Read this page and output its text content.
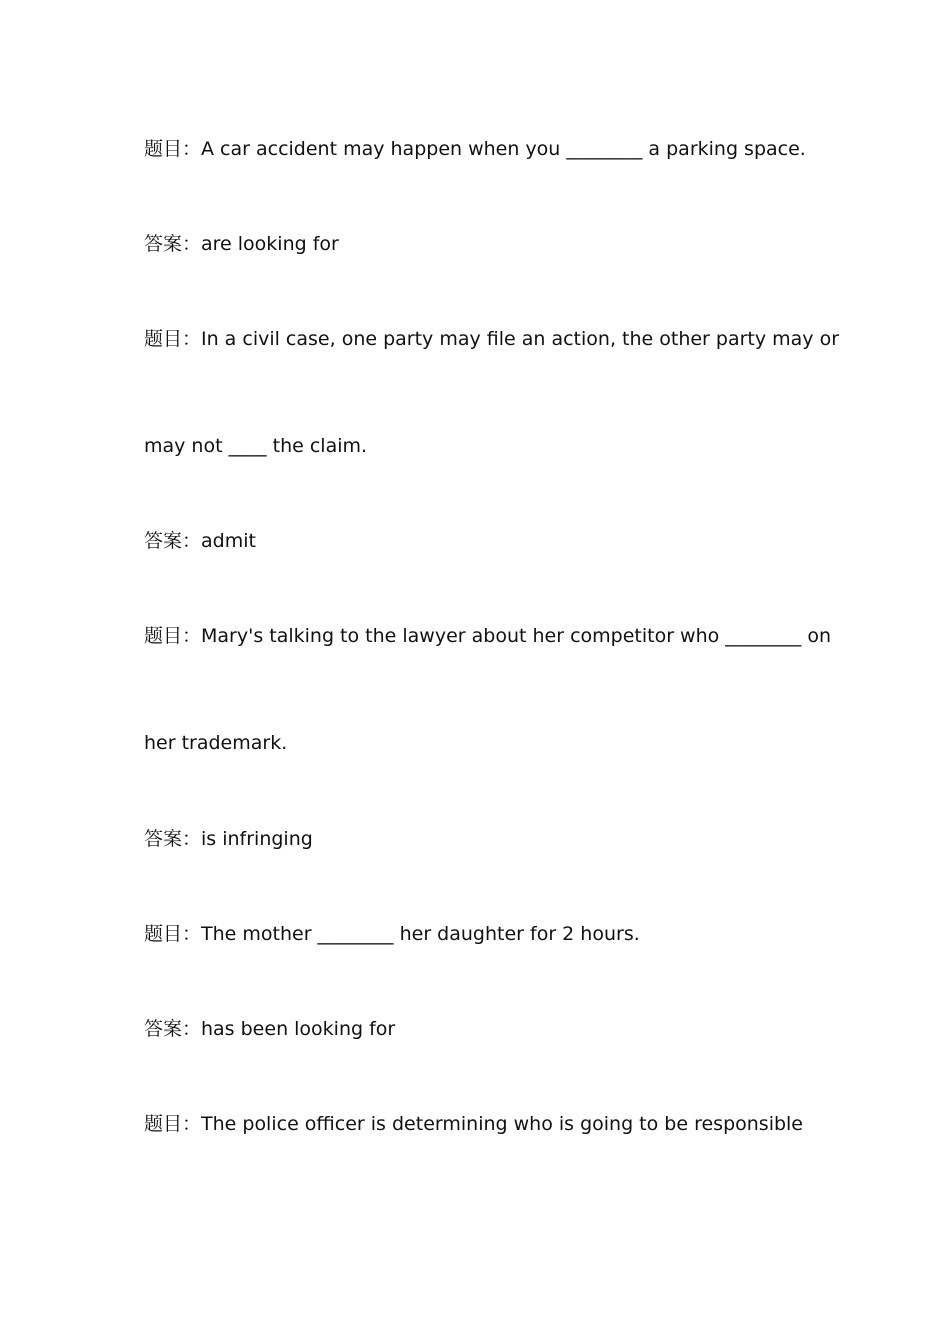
题目：A car accident may happen when you ________ a parking space.
答案：are looking for
题目：In a civil case, one party may file an action, the other party may or
may not ____ the claim.
答案：admit
题目：Mary's talking to the lawyer about her competitor who ________ on
her trademark.
答案：is infringing
题目：The mother ________ her daughter for 2 hours.
答案：has been looking for
题目：The police officer is determining who is going to be responsible
